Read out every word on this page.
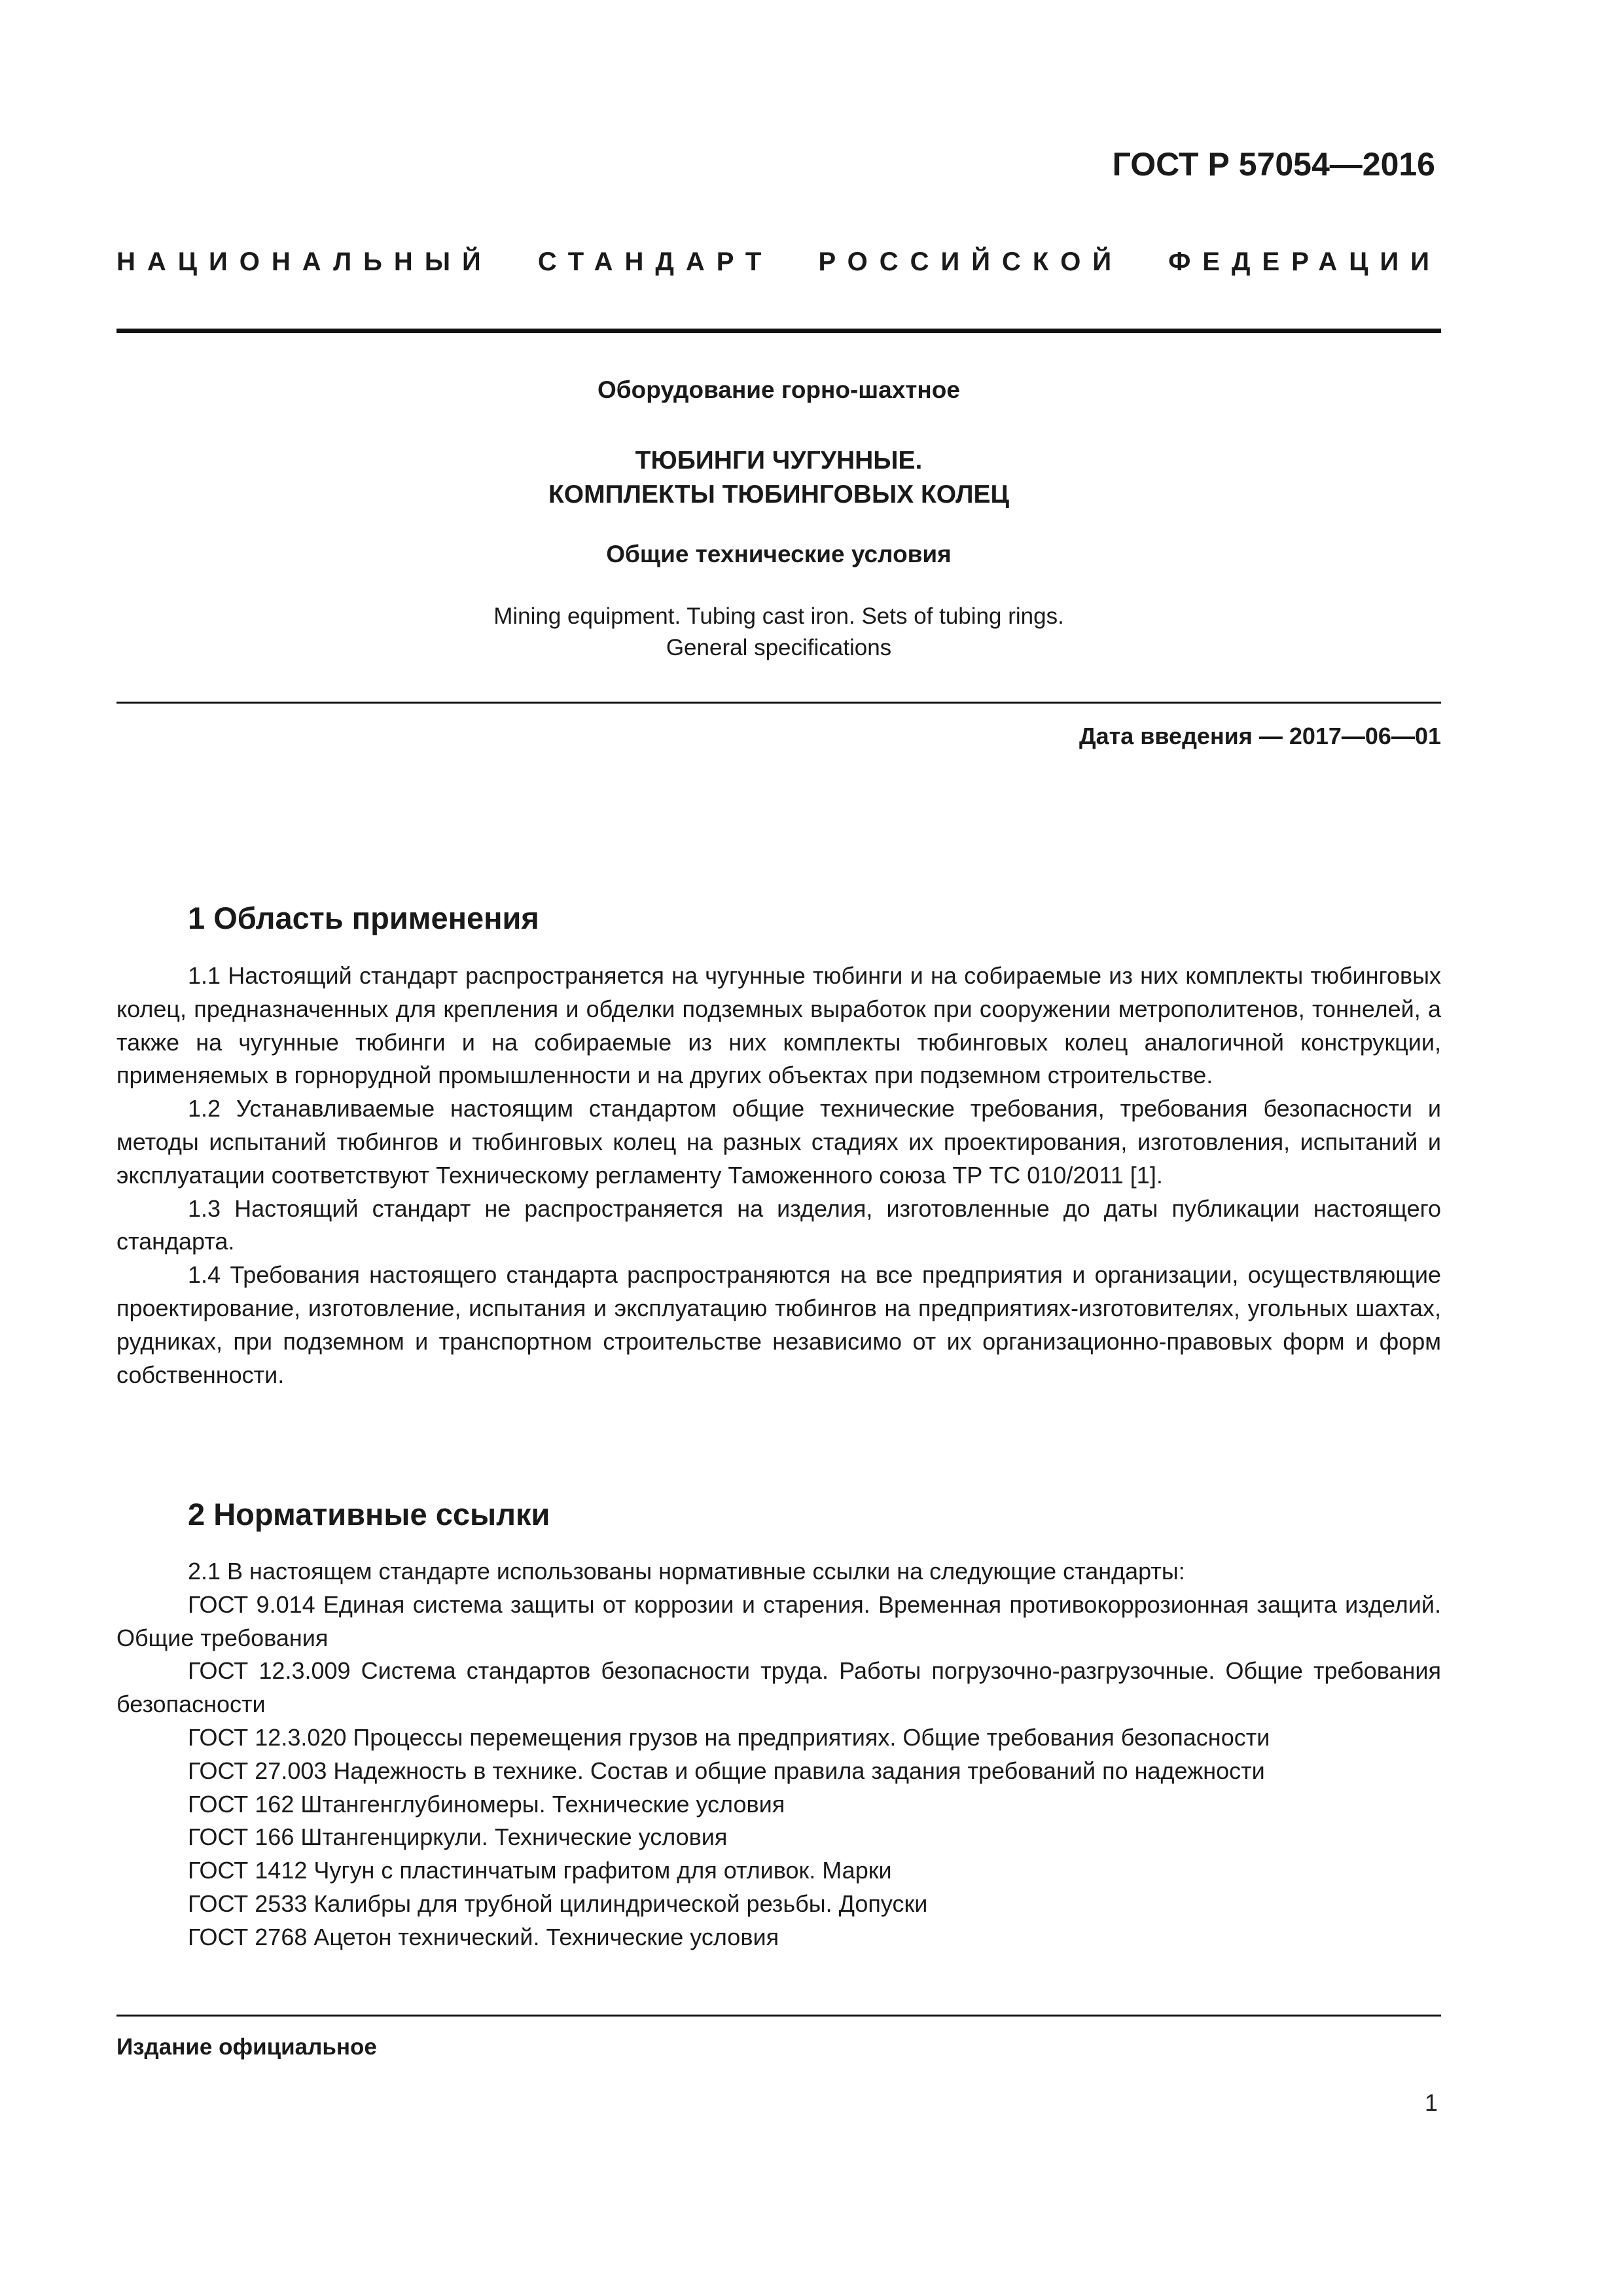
ГОСТ Р 57054—2016
НАЦИОНАЛЬНЫЙ СТАНДАРТ РОССИЙСКОЙ ФЕДЕРАЦИИ
Оборудование горно-шахтное
ТЮБИНГИ ЧУГУННЫЕ.
КОМПЛЕКТЫ ТЮБИНГОВЫХ КОЛЕЦ
Общие технические условия
Mining equipment. Tubing cast iron. Sets of tubing rings.
General specifications
Дата введения — 2017—06—01
1 Область применения

1.1 Настоящий стандарт распространяется на чугунные тюбинги и на собираемые из них комплекты тюбинговых колец, предназначенных для крепления и обделки подземных выработок при сооружении метрополитенов, тоннелей, а также на чугунные тюбинги и на собираемые из них комплекты тюбинговых колец аналогичной конструкции, применяемых в горнорудной промышленности и на других объектах при подземном строительстве.

1.2 Устанавливаемые настоящим стандартом общие технические требования, требования безопасности и методы испытаний тюбингов и тюбинговых колец на разных стадиях их проектирования, изготовления, испытаний и эксплуатации соответствуют Техническому регламенту Таможенного союза ТР ТС 010/2011 [1].

1.3 Настоящий стандарт не распространяется на изделия, изготовленные до даты публикации настоящего стандарта.

1.4 Требования настоящего стандарта распространяются на все предприятия и организации, осуществляющие проектирование, изготовление, испытания и эксплуатацию тюбингов на предприятиях-изготовителях, угольных шахтах, рудниках, при подземном и транспортном строительстве независимо от их организационно-правовых форм и форм собственности.

2 Нормативные ссылки
2.1 В настоящем стандарте использованы нормативные ссылки на следующие стандарты:
ГОСТ 9.014 Единая система защиты от коррозии и старения. Временная противокоррозионная защита изделий. Общие требования
ГОСТ 12.3.009 Система стандартов безопасности труда. Работы погрузочно-разгрузочные. Общие требования безопасности
ГОСТ 12.3.020 Процессы перемещения грузов на предприятиях. Общие требования безопасности
ГОСТ 27.003 Надежность в технике. Состав и общие правила задания требований по надежности
ГОСТ 162 Штангенглубиномеры. Технические условия
ГОСТ 166 Штангенциркули. Технические условия
ГОСТ 1412 Чугун с пластинчатым графитом для отливок. Марки
ГОСТ 2533 Калибры для трубной цилиндрической резьбы. Допуски
ГОСТ 2768 Ацетон технический. Технические условия
Издание официальное
1
